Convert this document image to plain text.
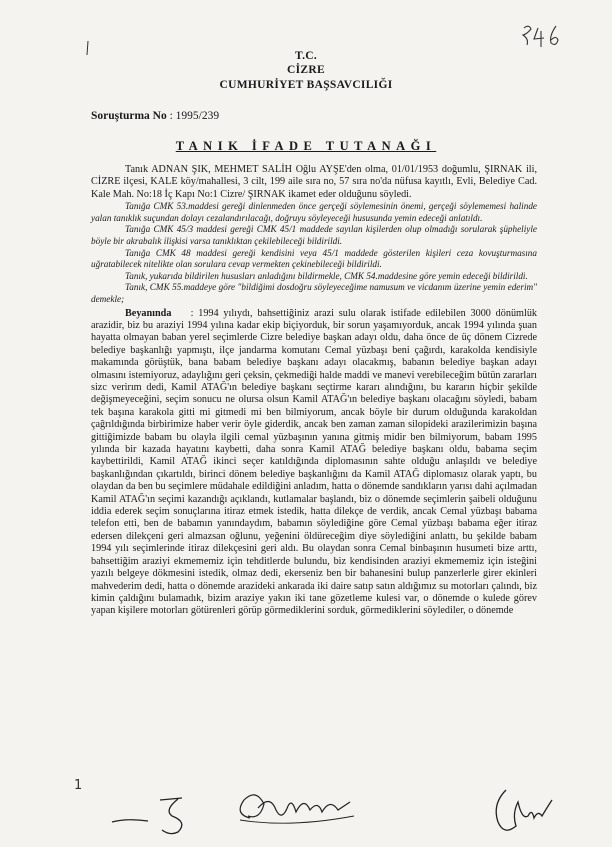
T.C.
CİZRE
CUMHURİYET BAŞSAVCILIĞI
Soruşturma No : 1995/239
TANIK İFADE TUTANAĞI

Tanık ADNAN ŞIK, MEHMET SALİH Oğlu AYŞE'den olma, 01/01/1953 doğumlu, ŞIRNAK ili, CİZRE ilçesi, KALE köy/mahallesi, 3 cilt, 199 aile sıra no, 57 sıra no'da nüfusa kayıtlı, Evli, Belediye Cad. Kale Mah. No:18 İç Kapı No:1 Cizre/ ŞIRNAK ikamet eder olduğunu söyledi.

Tanığa CMK 53.maddesi gereği dinlenmeden önce gerçeği söylemesinin önemi, gerçeği söylememesi halinde yalan tanıklık suçundan dolayı cezalandırılacağı, doğruyu söyleyeceği hususunda yemin edeceği anlatıldı.

Tanığa CMK 45/3 maddesi gereği CMK 45/1 maddede sayılan kişilerden olup olmadığı sorularak şüpheliyle böyle bir akrabalık ilişkisi varsa tanıklıktan çekilebileceği bildirildi.

Tanığa CMK 48 maddesi gereği kendisini veya 45/1 maddede gösterilen kişileri ceza kovuşturmasına uğratabilecek nitelikte olan sorulara cevap vermekten çekinebileceği bildirildi.

Tanık, yukarıda bildirilen hususları anladığını bildirmekle, CMK 54.maddesine göre yemin edeceği bildirildi.

Tanık, CMK 55.maddeye göre "bildiğimi dosdoğru söyleyeceğime namusum ve vicdanım üzerine yemin ederim" demekle;

Beyanında : 1994 yılıydı, bahsettiğiniz arazi sulu olarak istifade edilebilen 3000 dönümlük arazidir, biz bu araziyi 1994 yılına kadar ekip biçiyorduk, bir sorun yaşamıyorduk, ancak 1994 yılında şuan hayatta olmayan baban yerel seçimlerde Cizre belediye başkan adayı oldu, daha önce de üç dönem Cizrede belediye başkanlığı yapmıştı, ilçe jandarma komutanı Cemal yüzbaşı beni çağırdı, karakolda kendisiyle makamında görüştük, bana babam belediye başkanı adayı olacakmış, babanın belediye başkan adayı olmasını istemiyoruz, adaylığını geri çeksin, çekmediği halde maddi ve manevi verebileceğim bütün zararları sizc verirım dedi, Kamil ATAĞ'ın belediye başkanı seçtirme kararı alındığını, bu kararın hiçbir şekilde değişmeyeceğini, seçim sonucu ne olursa olsun Kamil ATAĞ'ın belediye başkanı olacağını söyledi, babam tek başına karakola gitti mi gitmedi mi ben bilmiyorum, ancak böyle bir durum olduğunda karakoldan çağrıldığında birbirimize haber verir öyle giderdik, ancak ben zaman zaman silopideki arazilerimizin başına gittiğimizde babam bu olayla ilgili cemal yüzbaşının yanına gitmiş midir ben bilmiyorum, babam 1995 yılında bir kazada hayatını kaybetti, daha sonra Kamil ATAĞ belediye başkanı oldu, babama seçim kaybettirildi, Kamil ATAĞ ikinci seçer katıldığında diplomasının sahte olduğu anlaşıldı ve belediye başkanlığından çıkartıldı, birinci dönem belediye başkanlığını da Kamil ATAĞ diplomasız olarak yaptı, bu olaydan da ben bu seçimlere müdahale edildiğini anladım, hatta o dönemde sandıkların yarısı dahi açılmadan Kamil ATAĞ'ın seçimi kazandığı açıklandı, kutlamalar başlandı, biz o dönemde seçimlerin şaibeli olduğunu iddia ederek seçim sonuçlarına itiraz etmek istedik, hatta dilekçe de verdik, ancak Cemal yüzbaşı babama telefon etti, ben de babamın yanındaydım, babamın söylediğine göre Cemal yüzbaşı babama eğer itiraz edersen dilekçeni geri almazsan oğlunu, yeğenini öldüreceğim diye söylediğini anlattı, bu şekilde babam 1994 yılı seçimlerinde itiraz dilekçesini geri aldı. Bu olaydan sonra Cemal binbaşının husumeti bize arttı, bahsettiğim araziyi ekmememiz için tehditlerde bulundu, biz kendisinden araziyi ekmememiz için isteğini yazılı belgeye dökmesini istedik, olmaz dedi, ekerseniz ben bir bahanesini bulup panzerlerle girer ekinleri mahvederim dedi, hatta o dönemde arazideki ankarada iki daire satıp satın aldığımız su motorları çalındı, biz kimin çaldığını bulamadık, bizim araziye yakın iki tane gözetleme kulesi var, o dönemde o kulede görev yapan kişilere motorları götürenleri görüp görmediklerini sorduk, görmediklerini söylediler, o dönemde

1
